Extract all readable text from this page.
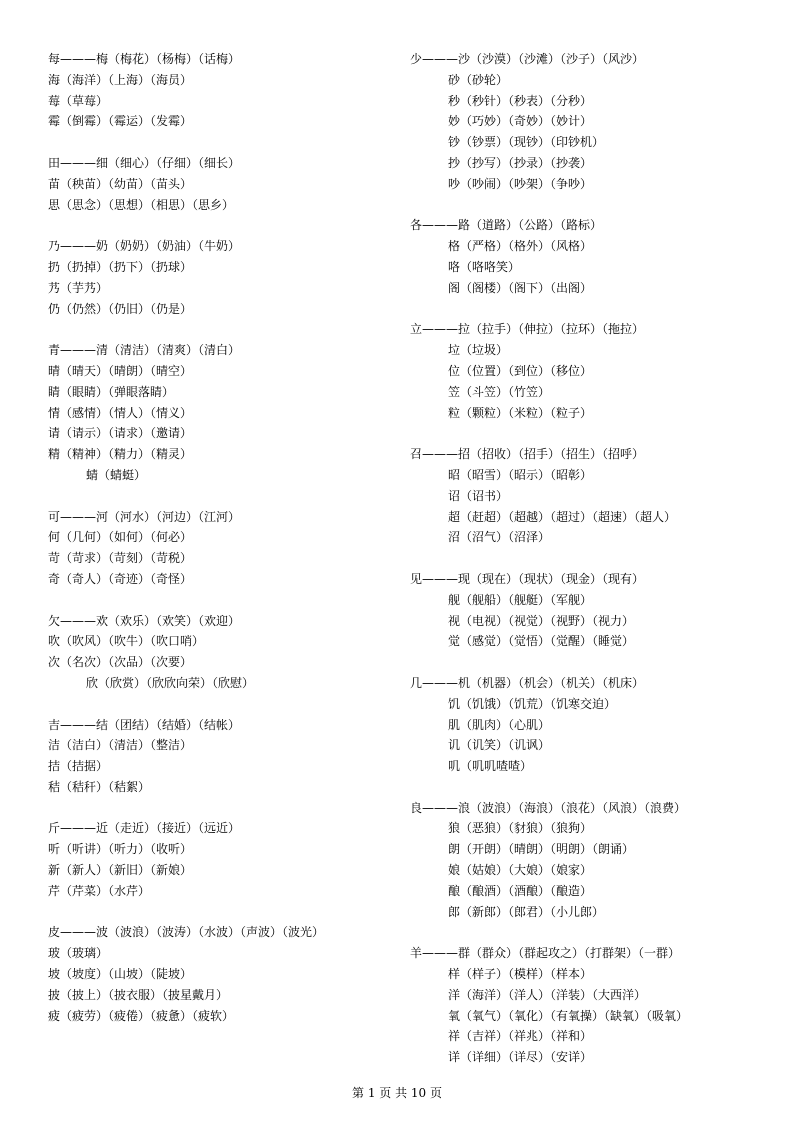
每———梅（梅花）（杨梅）（话梅）
海（海洋）（上海）（海员）
莓（草莓）
霉（倒霉）（霉运）（发霉）
田———细（细心）（仔细）（细长）
苗（秧苗）（幼苗）（苗头）
思（思念）（思想）（相思）（思乡）
乃———奶（奶奶）（奶油）（牛奶）
扔（扔掉）（扔下）（扔球）
艿（芋艿）
仍（仍然）（仍旧）（仍是）
青———清（清洁）（清爽）（清白）
晴（晴天）（晴朗）（晴空）
睛（眼睛）（弹眼落睛）
情（感情）（情人）（情义）
请（请示）（请求）（邀请）
精（精神）（精力）（精灵）
蜻（蜻蜓）
可———河（河水）（河边）（江河）
何（几何）（如何）（何必）
苛（苛求）（苛刻）（苛税）
奇（奇人）（奇迹）（奇怪）
欠———欢（欢乐）（欢笑）（欢迎）
吹（吹风）（吹牛）（吹口哨）
次（名次）（次品）（次要）
欣（欣赏）（欣欣向荣）（欣慰）
吉———结（团结）（结婚）（结帐）
洁（洁白）（清洁）（整洁）
拮（拮据）
秸（秸秆）（秸絮）
斤———近（走近）（接近）（远近）
听（听讲）（听力）（收听）
新（新人）（新旧）（新娘）
芹（芹菜）（水芹）
皮———波（波浪）（波涛）（水波）（声波）（波光）
玻（玻璃）
坡（坡度）（山坡）（陡坡）
披（披上）（披衣服）（披星戴月）
疲（疲劳）（疲倦）（疲惫）（疲软）
少———沙（沙漠）（沙滩）（沙子）（风沙）
砂（砂轮）
秒（秒针）（秒表）（分秒）
妙（巧妙）（奇妙）（妙计）
钞（钞票）（现钞）（印钞机）
抄（抄写）（抄录）（抄袭）
吵（吵闹）（吵架）（争吵）
各———路（道路）（公路）（路标）
格（严格）（格外）（风格）
咯（咯咯笑）
阁（阁楼）（阁下）（出阁）
立———拉（拉手）（伸拉）（拉环）（拖拉）
垃（垃圾）
位（位置）（到位）（移位）
笠（斗笠）（竹笠）
粒（颗粒）（米粒）（粒子）
召———招（招收）（招手）（招生）（招呼）
昭（昭雪）（昭示）（昭彰）
诏（诏书）
超（赶超）（超越）（超过）（超速）（超人）
沼（沼气）（沼泽）
见———现（现在）（现状）（现金）（现有）
舰（舰船）（舰艇）（军舰）
视（电视）（视觉）（视野）（视力）
觉（感觉）（觉悟）（觉醒）（睡觉）
几———机（机器）（机会）（机关）（机床）
饥（饥饿）（饥荒）（饥寒交迫）
肌（肌肉）（心肌）
讥（讥笑）（讥讽）
叽（叽叽喳喳）
良———浪（波浪）（海浪）（浪花）（风浪）（浪费）
狼（恶狼）（豺狼）（狼狗）
朗（开朗）（晴朗）（明朗）（朗诵）
娘（姑娘）（大娘）（娘家）
酿（酿酒）（酒酿）（酿造）
郎（新郎）（郎君）（小儿郎）
羊———群（群众）（群起攻之）（打群架）（一群）
样（样子）（模样）（样本）
洋（海洋）（洋人）（洋装）（大西洋）
氧（氧气）（氧化）（有氧操）（缺氧）（吸氧）
祥（吉祥）（祥兆）（祥和）
详（详细）（详尽）（安详）
第 1 页 共 10 页
